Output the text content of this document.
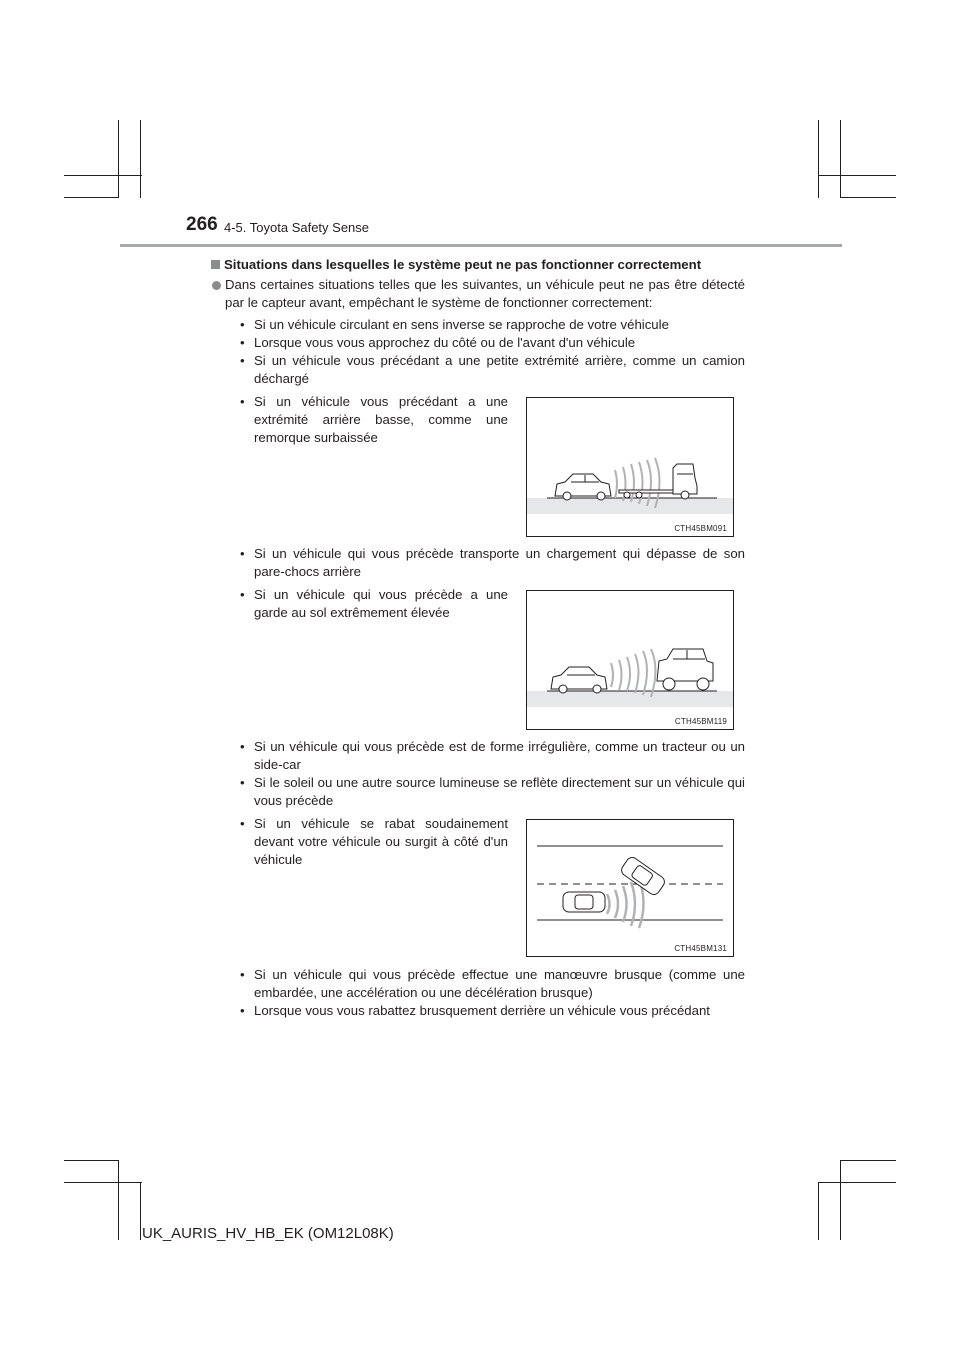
266 4-5. Toyota Safety Sense
Situations dans lesquelles le système peut ne pas fonctionner correctement
Dans certaines situations telles que les suivantes, un véhicule peut ne pas être détecté par le capteur avant, empêchant le système de fonctionner correctement:
• Si un véhicule circulant en sens inverse se rapproche de votre véhicule
• Lorsque vous vous approchez du côté ou de l'avant d'un véhicule
• Si un véhicule vous précédant a une petite extrémité arrière, comme un camion déchargé
• Si un véhicule vous précédant a une extrémité arrière basse, comme une remorque surbaissée
CTH45BM091
• Si un véhicule qui vous précède transporte un chargement qui dépasse de son pare-chocs arrière
• Si un véhicule qui vous précède a une garde au sol extrêmement élevée
CTH45BM119
• Si un véhicule qui vous précède est de forme irrégulière, comme un tracteur ou un side-car
• Si le soleil ou une autre source lumineuse se reflète directement sur un véhicule qui vous précède
• Si un véhicule se rabat soudainement devant votre véhicule ou surgit à côté d'un véhicule
CTH45BM131
• Si un véhicule qui vous précède effectue une manœuvre brusque (comme une embardée, une accélération ou une décélération brusque)
• Lorsque vous vous rabattez brusquement derrière un véhicule vous précédant
UK_AURIS_HV_HB_EK (OM12L08K)
